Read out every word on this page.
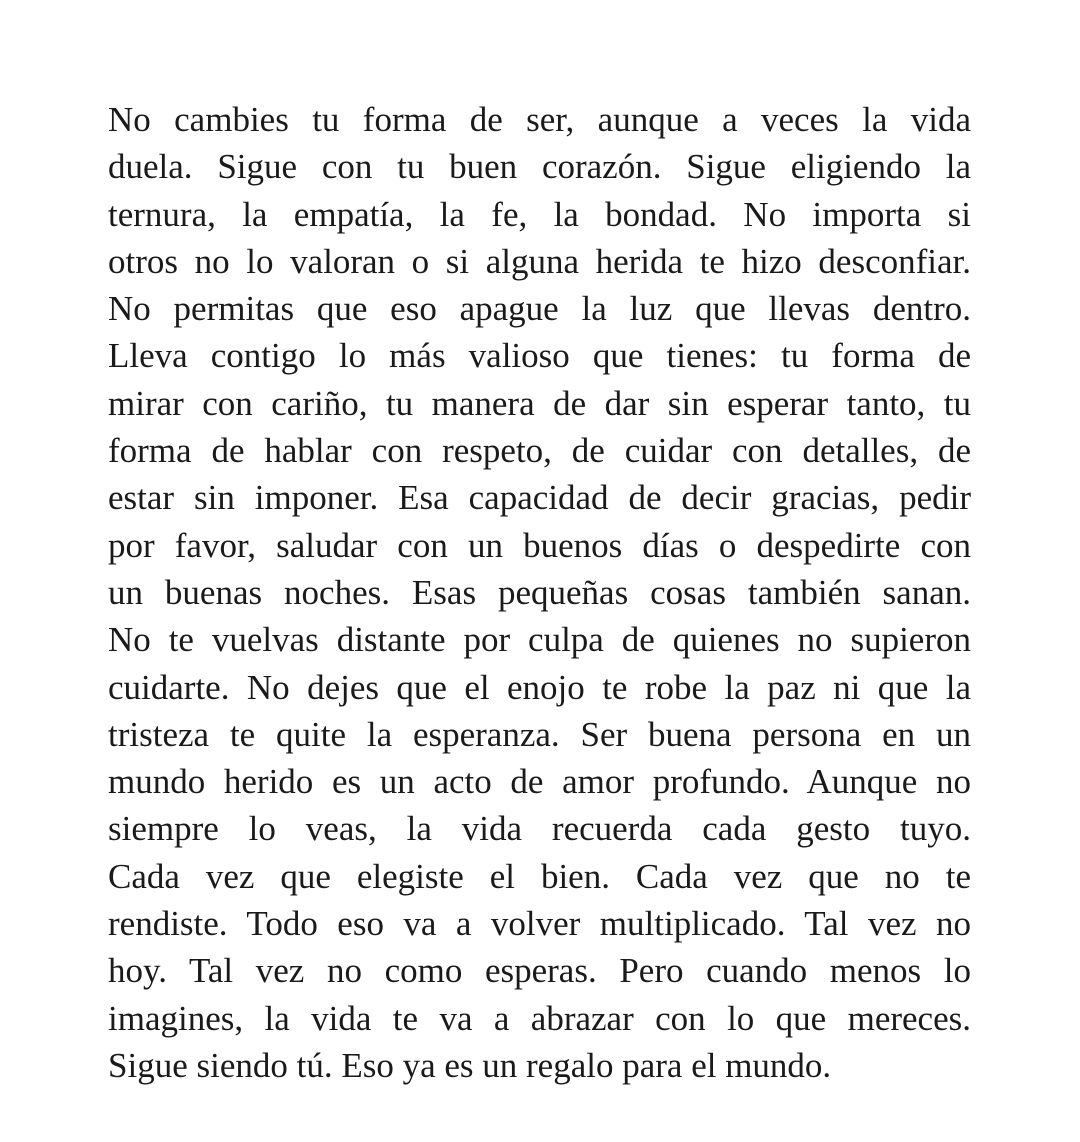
No cambies tu forma de ser, aunque a veces la vida
duela. Sigue con tu buen corazón. Sigue eligiendo la
ternura, la empatía, la fe, la bondad. No importa si
otros no lo valoran o si alguna herida te hizo desconfiar.
No permitas que eso apague la luz que llevas dentro.
Lleva contigo lo más valioso que tienes: tu forma de
mirar con cariño, tu manera de dar sin esperar tanto, tu
forma de hablar con respeto, de cuidar con detalles, de
estar sin imponer. Esa capacidad de decir gracias, pedir
por favor, saludar con un buenos días o despedirte con
un buenas noches. Esas pequeñas cosas también sanan.
No te vuelvas distante por culpa de quienes no supieron
cuidarte. No dejes que el enojo te robe la paz ni que la
tristeza te quite la esperanza. Ser buena persona en un
mundo herido es un acto de amor profundo. Aunque no
siempre lo veas, la vida recuerda cada gesto tuyo.
Cada vez que elegiste el bien. Cada vez que no te
rendiste. Todo eso va a volver multiplicado. Tal vez no
hoy. Tal vez no como esperas. Pero cuando menos lo
imagines, la vida te va a abrazar con lo que mereces.
Sigue siendo tú. Eso ya es un regalo para el mundo.
